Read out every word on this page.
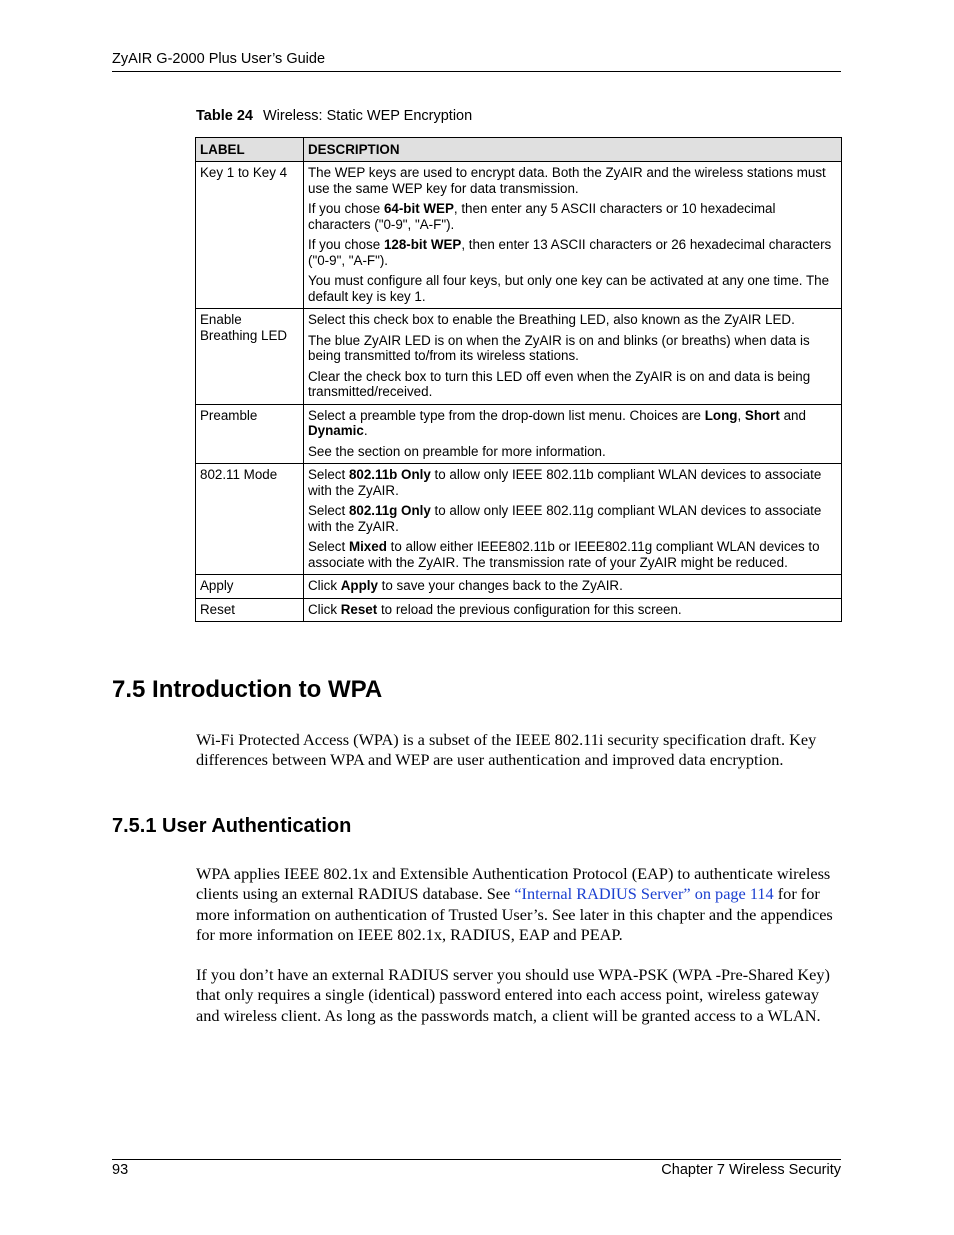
ZyAIR G-2000 Plus User’s Guide
Table 24 Wireless: Static WEP Encryption
LABEL	DESCRIPTION
Key 1 to Key 4	The WEP keys are used to encrypt data. Both the ZyAIR and the wireless stations must use the same WEP key for data transmission.

If you chose 64-bit WEP, then enter any 5 ASCII characters or 10 hexadecimal characters ("0-9", "A-F").

If you chose 128-bit WEP, then enter 13 ASCII characters or 26 hexadecimal characters ("0-9", "A-F").

You must configure all four keys, but only one key can be activated at any one time. The default key is key 1.

Enable Breathing LED	Select this check box to enable the Breathing LED, also known as the ZyAIR LED.

The blue ZyAIR LED is on when the ZyAIR is on and blinks (or breaths) when data is being transmitted to/from its wireless stations.

Clear the check box to turn this LED off even when the ZyAIR is on and data is being transmitted/received.

Preamble	Select a preamble type from the drop-down list menu. Choices are Long, Short and Dynamic.

See the section on preamble for more information.

802.11 Mode	Select 802.11b Only to allow only IEEE 802.11b compliant WLAN devices to associate with the ZyAIR.

Select 802.11g Only to allow only IEEE 802.11g compliant WLAN devices to associate with the ZyAIR.

Select Mixed to allow either IEEE802.11b or IEEE802.11g compliant WLAN devices to associate with the ZyAIR. The transmission rate of your ZyAIR might be reduced.

Apply	Click Apply to save your changes back to the ZyAIR.

Reset	Click Reset to reload the previous configuration for this screen.

7.5 Introduction to WPA

Wi-Fi Protected Access (WPA) is a subset of the IEEE 802.11i security specification draft. Key differences between WPA and WEP are user authentication and improved data encryption.

7.5.1 User Authentication

WPA applies IEEE 802.1x and Extensible Authentication Protocol (EAP) to authenticate wireless clients using an external RADIUS database. See “Internal RADIUS Server” on page 114 for for more information on authentication of Trusted User’s. See later in this chapter and the appendices for more information on IEEE 802.1x, RADIUS, EAP and PEAP.

If you don’t have an external RADIUS server you should use WPA-PSK (WPA -Pre-Shared Key) that only requires a single (identical) password entered into each access point, wireless gateway and wireless client. As long as the passwords match, a client will be granted access to a WLAN.

93	Chapter 7 Wireless Security
